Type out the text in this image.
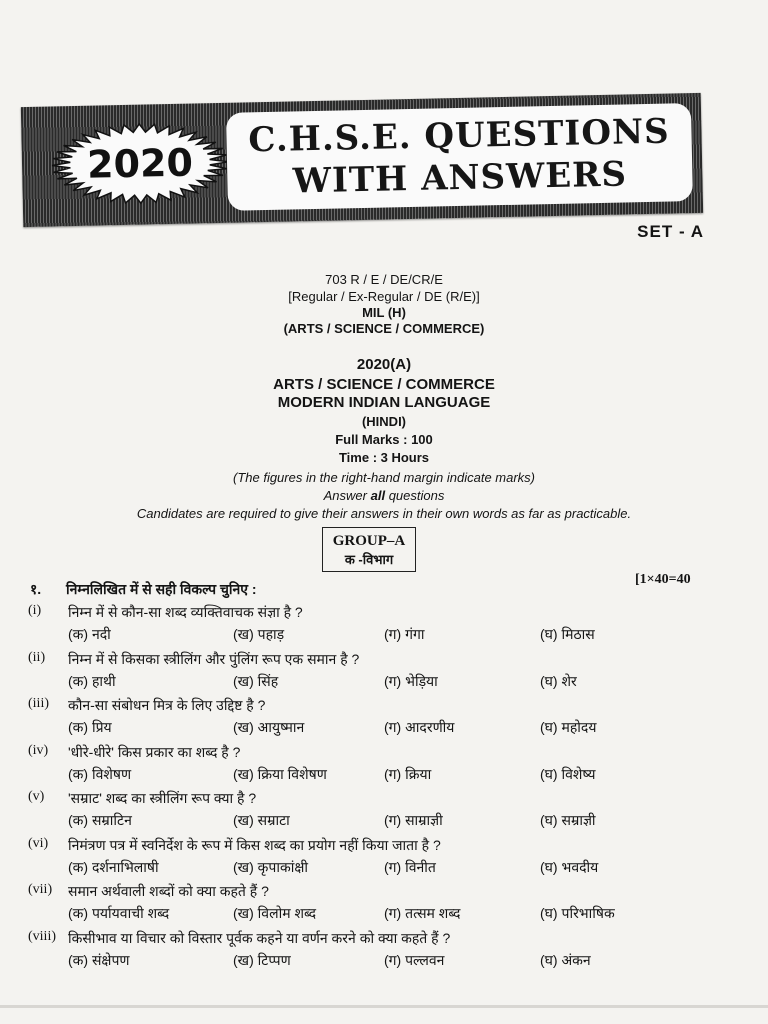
2020
C.H.S.E. QUESTIONS
WITH ANSWERS
SET - A
703 R / E / DE/CR/E
[Regular / Ex-Regular / DE (R/E)]
MIL (H)
(ARTS / SCIENCE / COMMERCE)
2020(A)
ARTS / SCIENCE / COMMERCE
MODERN INDIAN LANGUAGE
(HINDI)
Full Marks : 100
Time : 3 Hours
(The figures in the right-hand margin indicate marks)
Answer all questions
Candidates are required to give their answers in their own words as far as practicable.
GROUP–A
क -विभाग
[1×40=40
१. निम्नलिखित में से सही विकल्प चुनिए :
(i) निम्न में से कौन-सा शब्द व्यक्तिवाचक संज्ञा है ?
(क) नदी	(ख) पहाड़	(ग) गंगा	(घ) मिठास
(ii) निम्न में से किसका स्त्रीलिंग और पुंलिंग रूप एक समान है ?
(क) हाथी	(ख) सिंह	(ग) भेड़िया	(घ) शेर
(iii) कौन-सा संबोधन मित्र के लिए उद्दिष्ट है ?
(क) प्रिय	(ख) आयुष्मान	(ग) आदरणीय	(घ) महोदय
(iv) 'धीरे-धीरे' किस प्रकार का शब्द है ?
(क) विशेषण	(ख) क्रिया विशेषण	(ग) क्रिया	(घ) विशेष्य
(v) 'सम्राट' शब्द का स्त्रीलिंग रूप क्या है ?
(क) सम्राटिन	(ख) सम्राटा	(ग) साम्राज्ञी	(घ) सम्राज्ञी
(vi) निमंत्रण पत्र में स्वनिर्देश के रूप में किस शब्द का प्रयोग नहीं किया जाता है ?
(क) दर्शनाभिलाषी	(ख) कृपाकांक्षी	(ग) विनीत	(घ) भवदीय
(vii) समान अर्थवाली शब्दों को क्या कहते हैं ?
(क) पर्यायवाची शब्द	(ख) विलोम शब्द	(ग) तत्सम शब्द	(घ) परिभाषिक
(viii) किसीभाव या विचार को विस्तार पूर्वक कहने या वर्णन करने को क्या कहते हैं ?
(क) संक्षेपण	(ख) टिप्पण	(ग) पल्लवन	(घ) अंकन
